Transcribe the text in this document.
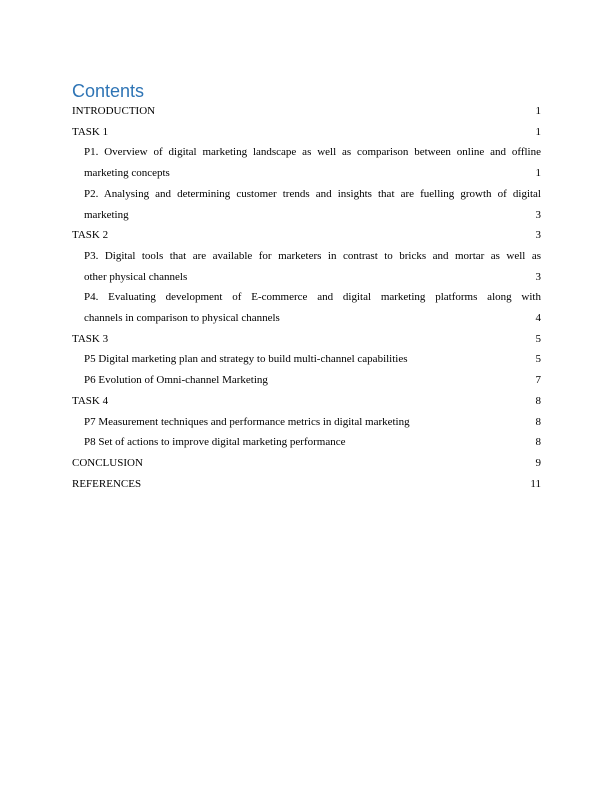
Contents
INTRODUCTION .....	1
TASK 1 .....	1
P1. Overview of digital marketing landscape as well as comparison between online and offline
marketing concepts .....	1
P2. Analysing and determining customer trends and insights that are fuelling growth of digital
marketing .....	3
TASK 2 .....	3
P3. Digital tools that are available for marketers in contrast to bricks and mortar as well as
other physical channels .....	3
P4. Evaluating development of E-commerce and digital marketing platforms along with
channels in comparison to physical channels .....	4
TASK 3 .....	5
P5 Digital marketing plan and strategy to build multi-channel capabilities .....	5
P6 Evolution of Omni-channel Marketing .....	7
TASK 4 .....	8
P7 Measurement techniques and performance metrics in digital marketing .....	8
P8 Set of actions to improve digital marketing performance .....	8
CONCLUSION .....	9
REFERENCES .....	11
